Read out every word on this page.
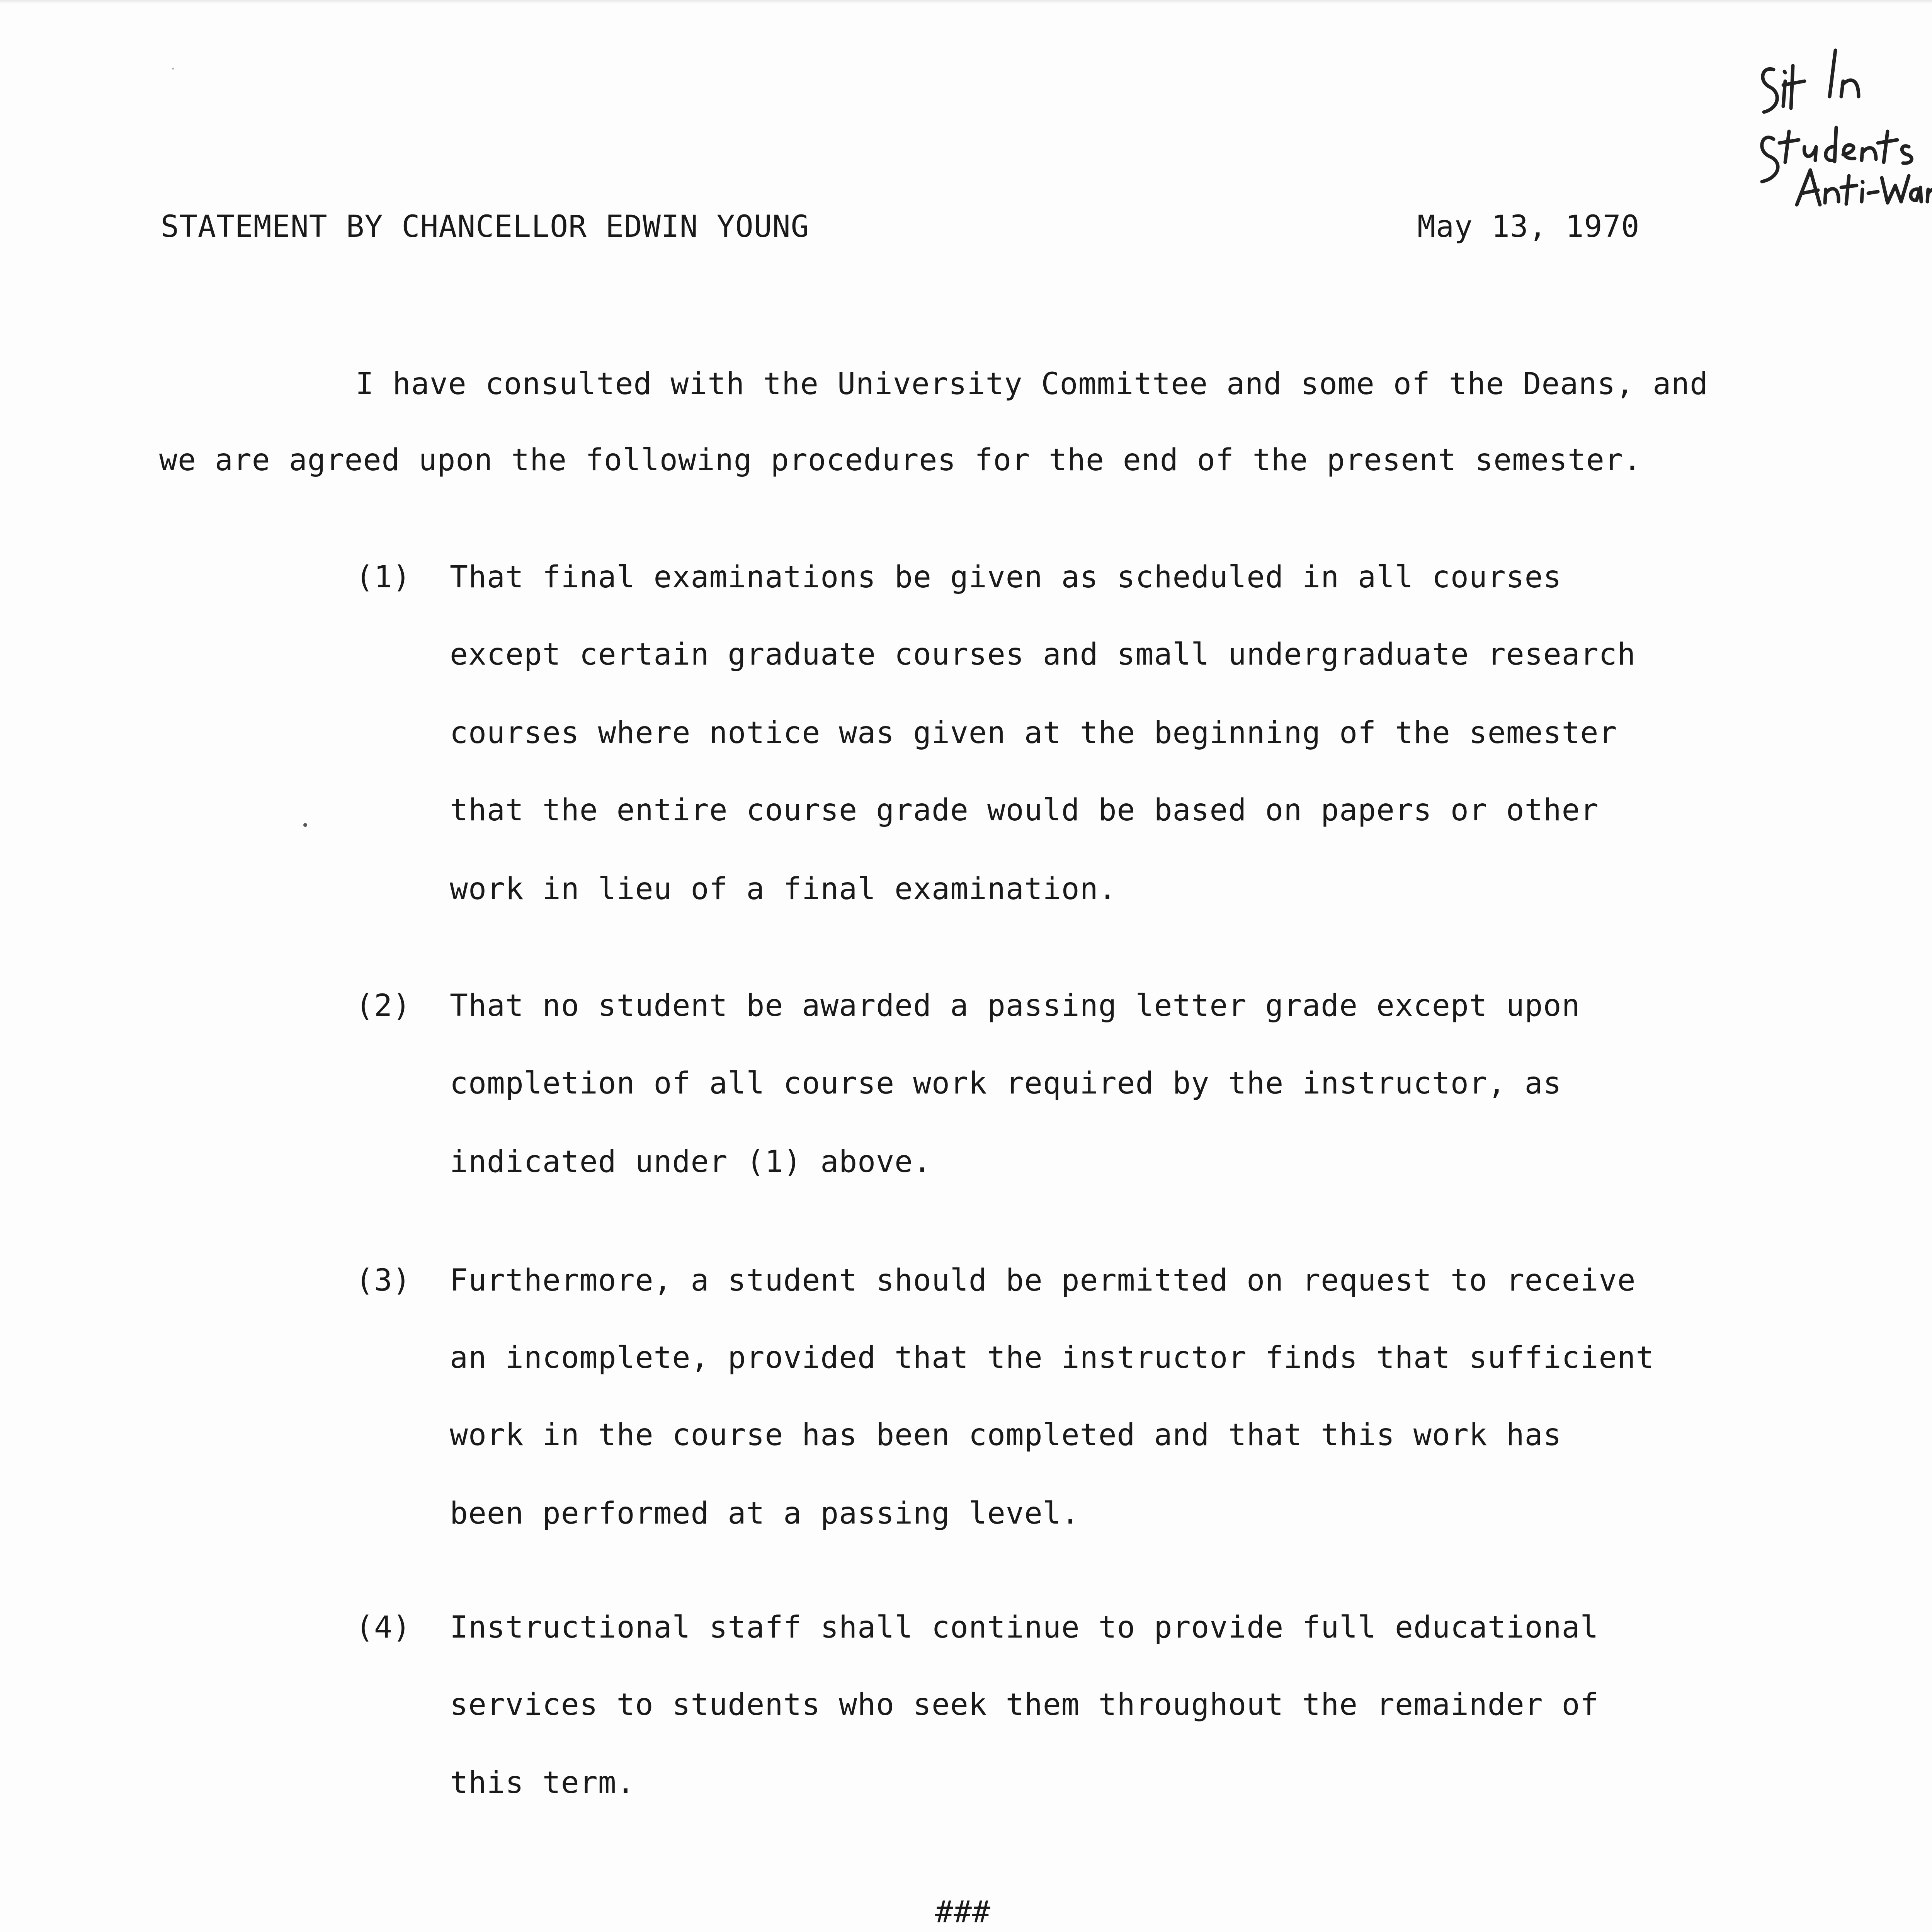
STATEMENT BY CHANCELLOR EDWIN YOUNG	May 13, 1970
I have consulted with the University Committee and some of the Deans, and
we are agreed upon the following procedures for the end of the present semester.
(1) That final examinations be given as scheduled in all courses
except certain graduate courses and small undergraduate research
courses where notice was given at the beginning of the semester
that the entire course grade would be based on papers or other
work in lieu of a final examination.
(2) That no student be awarded a passing letter grade except upon
completion of all course work required by the instructor, as
indicated under (1) above.
(3) Furthermore, a student should be permitted on request to receive
an incomplete, provided that the instructor finds that sufficient
work in the course has been completed and that this work has
been performed at a passing level.
(4) Instructional staff shall continue to provide full educational
services to students who seek them throughout the remainder of
this term.
###
